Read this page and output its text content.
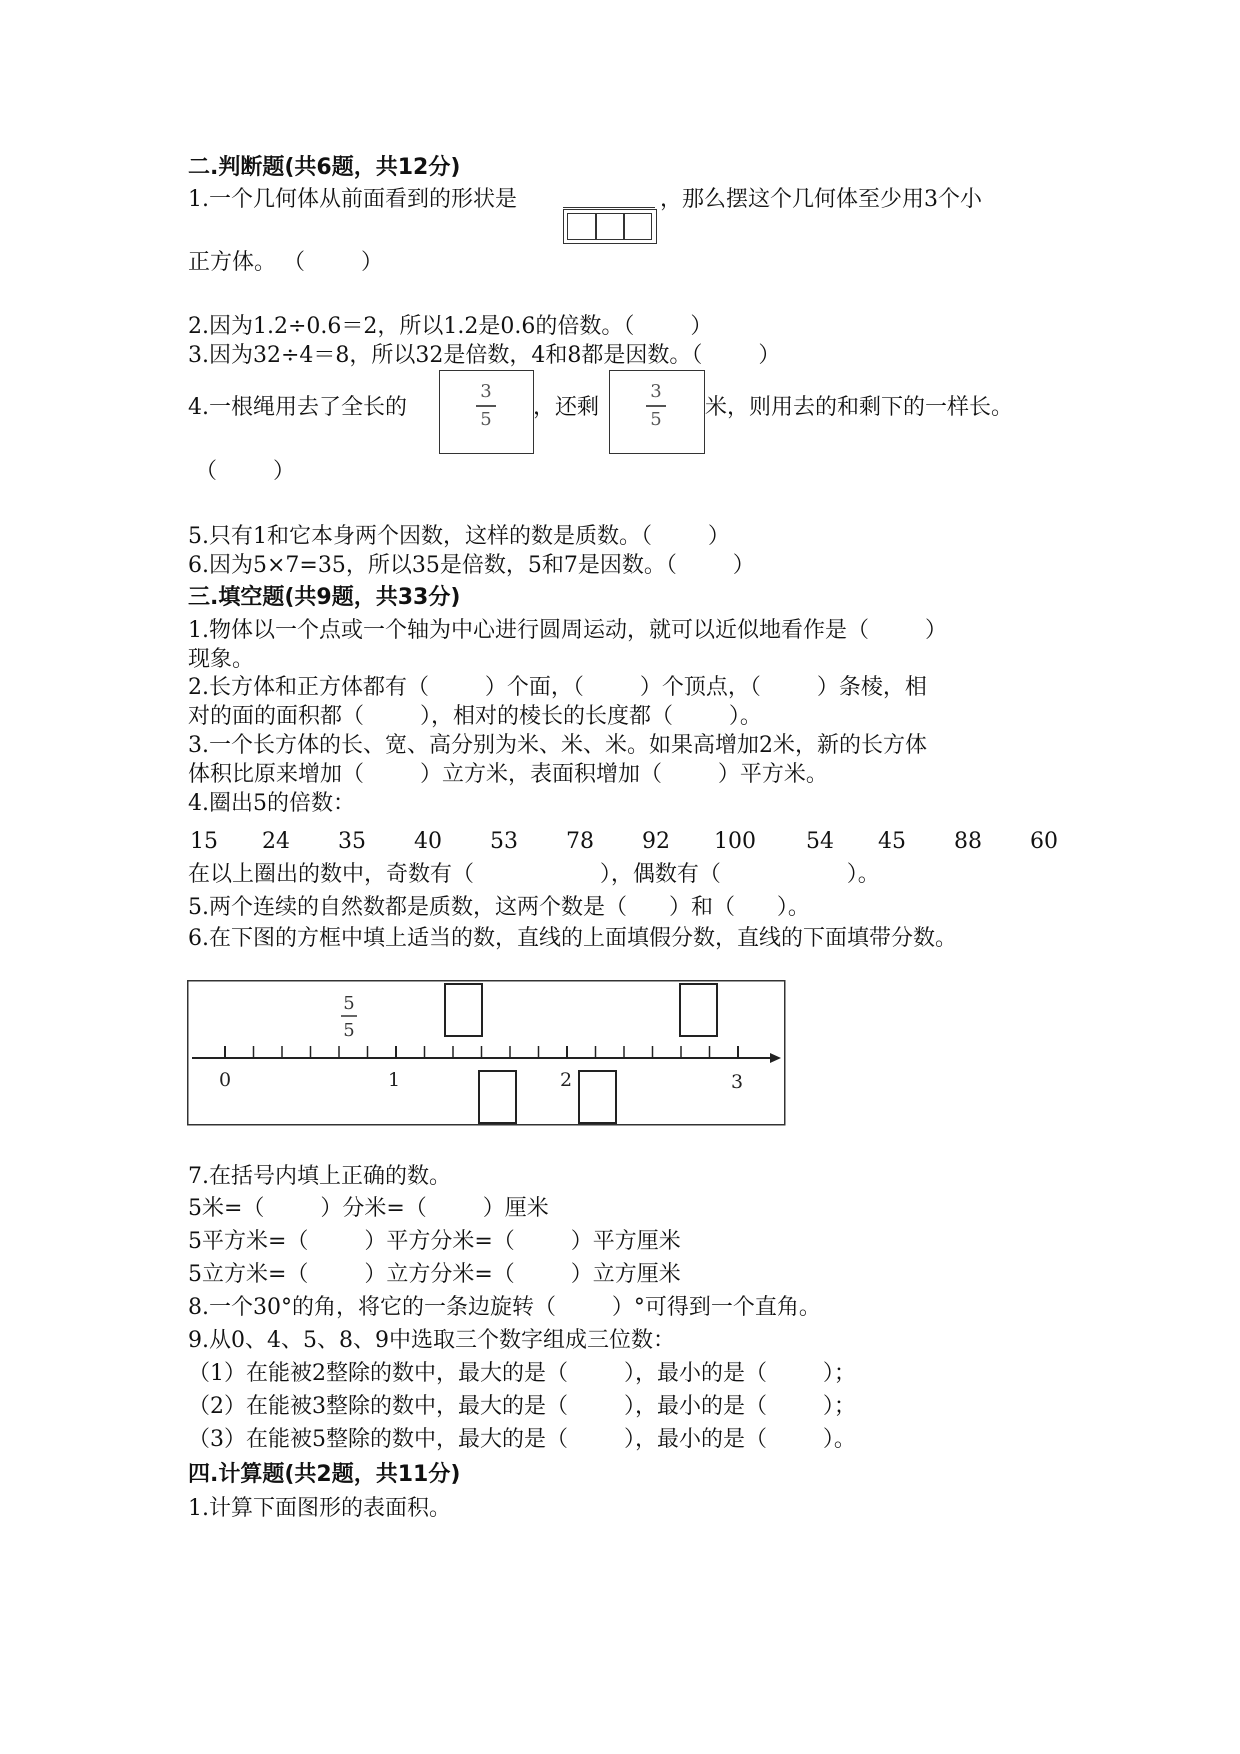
二.判断题(共6题，共12分)
1.一个几何体从前面看到的形状是	，那么摆这个几何体至少用3个小
正方体。 （        ）
2.因为1.2÷0.6＝2，所以1.2是0.6的倍数。（        ）
3.因为32÷4＝8，所以32是倍数，4和8都是因数。（        ）
4.一根绳用去了全长的
3
5 ，还剩
3
5 米，则用去的和剩下的一样长。
（        ）
5.只有1和它本身两个因数，这样的数是质数。（        ）
6.因为5×7=35，所以35是倍数，5和7是因数。（        ）
三.填空题(共9题，共33分)
1.物体以一个点或一个轴为中心进行圆周运动，就可以近似地看作是（        ）
现象。
2.长方体和正方体都有（        ）个面，（        ）个顶点，（        ）条棱，相
对的面的面积都（        ），相对的棱长的长度都（        ）。
3.一个长方体的长、宽、高分别为米、米、米。如果高增加2米，新的长方体
体积比原来增加（        ）立方米，表面积增加（        ）平方米。
4.圈出5的倍数：
15 24 35 40 53 78 92 100 54 45 88 60
在以上圈出的数中，奇数有（                  ），偶数有（                  ）。
5.两个连续的自然数都是质数，这两个数是（      ）和（      ）。
6.在下图的方框中填上适当的数，直线的上面填假分数，直线的下面填带分数。
5
5
0	1	2	3
7.在括号内填上正确的数。
5米=（        ）分米=（        ）厘米
5平方米=（        ）平方分米=（        ）平方厘米
5立方米=（        ）立方分米=（        ）立方厘米
8.一个30°的角，将它的一条边旋转（        ）°可得到一个直角。
9.从0、4、5、8、9中选取三个数字组成三位数：
（1）在能被2整除的数中，最大的是（        ），最小的是（        ）；
（2）在能被3整除的数中，最大的是（        ），最小的是（        ）；
（3）在能被5整除的数中，最大的是（        ），最小的是（        ）。
四.计算题(共2题，共11分)
1.计算下面图形的表面积。
